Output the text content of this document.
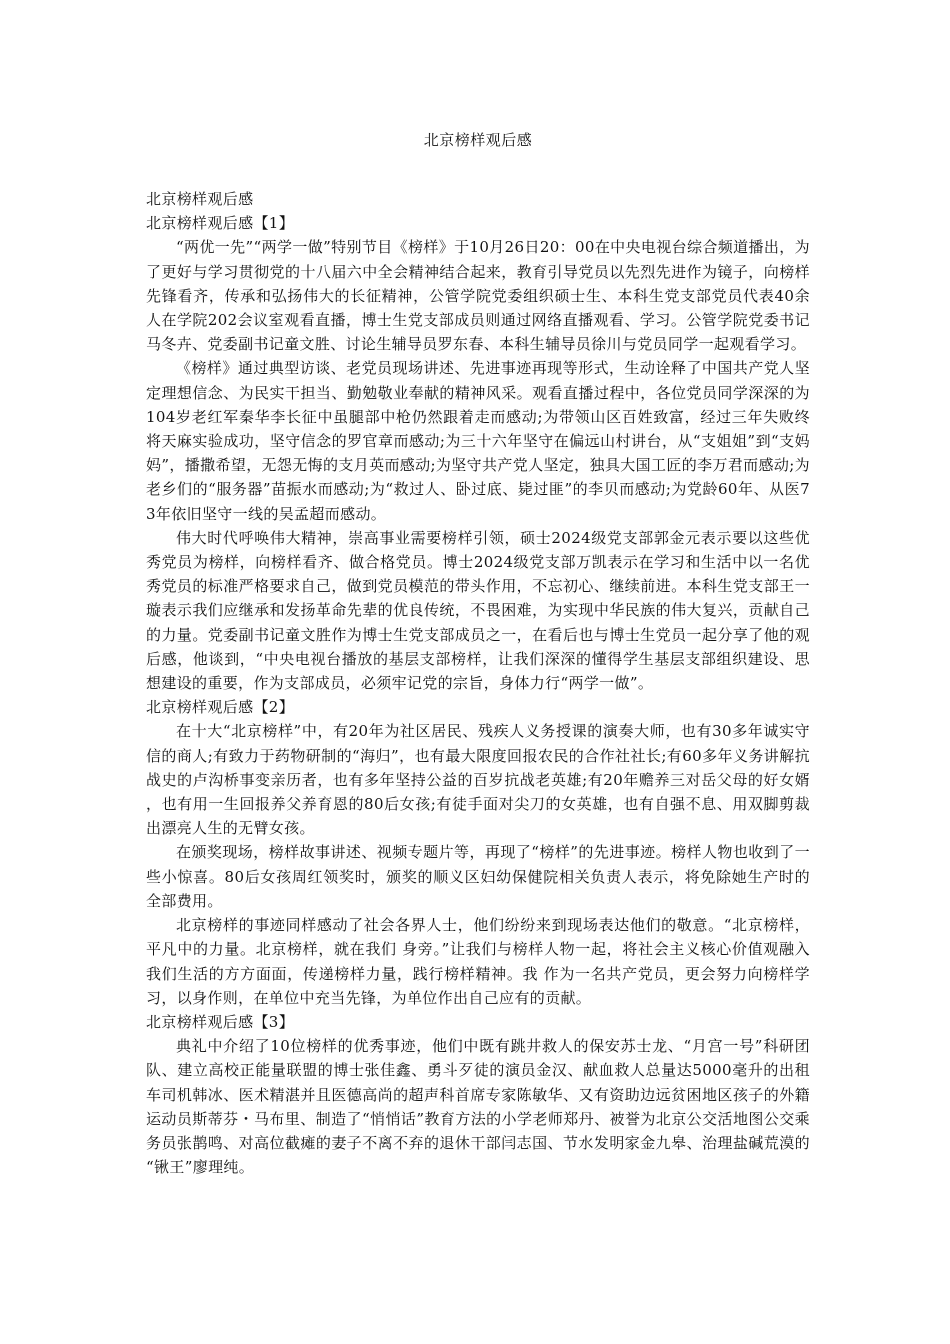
北京榜样观后感
北京榜样观后感
北京榜样观后感【1】

“两优一先”“两学一做”特别节目《榜样》于10月26日20：00在中央电视台综合频道播出，为了更好与学习贯彻党的十八届六中全会精神结合起来，教育引导党员以先烈先进作为镜子，向榜样先锋看齐，传承和弘扬伟大的长征精神，公管学院党委组织硕士生、本科生党支部党员代表40余人在学院202会议室观看直播，博士生党支部成员则通过网络直播观看、学习。公管学院党委书记马冬卉、党委副书记童文胜、讨论生辅导员罗东春、本科生辅导员徐川与党员同学一起观看学习。

《榜样》通过典型访谈、老党员现场讲述、先进事迹再现等形式，生动诠释了中国共产党人坚定理想信念、为民实干担当、勤勉敬业奉献的精神风采。观看直播过程中，各位党员同学深深的为104岁老红军秦华李长征中虽腿部中枪仍然跟着走而感动;为带领山区百姓致富，经过三年失败终将天麻实验成功，坚守信念的罗官章而感动;为三十六年坚守在偏远山村讲台，从“支姐姐”到“支妈妈”，播撒希望，无怨无悔的支月英而感动;为坚守共产党人坚定，独具大国工匠的李万君而感动;为老乡们的“服务器”苗振水而感动;为“救过人、卧过底、毙过匪”的李贝而感动;为党龄60年、从医73年依旧坚守一线的吴孟超而感动。

伟大时代呼唤伟大精神，崇高事业需要榜样引领，硕士2024级党支部郭金元表示要以这些优秀党员为榜样，向榜样看齐、做合格党员。博士2024级党支部万凯表示在学习和生活中以一名优秀党员的标准严格要求自己，做到党员模范的带头作用，不忘初心、继续前进。本科生党支部王一璇表示我们应继承和发扬革命先辈的优良传统，不畏困难，为实现中华民族的伟大复兴，贡献自己的力量。党委副书记童文胜作为博士生党支部成员之一，在看后也与博士生党员一起分享了他的观后感，他谈到，“中央电视台播放的基层支部榜样，让我们深深的懂得学生基层支部组织建设、思想建设的重要，作为支部成员，必须牢记党的宗旨，身体力行“两学一做”。

北京榜样观后感【2】

在十大“北京榜样”中，有20年为社区居民、残疾人义务授课的演奏大师，也有30多年诚实守信的商人;有致力于药物研制的“海归”，也有最大限度回报农民的合作社社长;有60多年义务讲解抗战史的卢沟桥事变亲历者，也有多年坚持公益的百岁抗战老英雄;有20年赡养三对岳父母的好女婿，也有用一生回报养父养育恩的80后女孩;有徒手面对尖刀的女英雄，也有自强不息、用双脚剪裁出漂亮人生的无臂女孩。

在颁奖现场，榜样故事讲述、视频专题片等，再现了“榜样”的先进事迹。榜样人物也收到了一些小惊喜。80后女孩周红领奖时，颁奖的顺义区妇幼保健院相关负责人表示，将免除她生产时的全部费用。

北京榜样的事迹同样感动了社会各界人士，他们纷纷来到现场表达他们的敬意。“北京榜样，平凡中的力量。北京榜样，就在我们 身旁。”让我们与榜样人物一起，将社会主义核心价值观融入我们生活的方方面面，传递榜样力量，践行榜样精神。我 作为一名共产党员，更会努力向榜样学习，以身作则，在单位中充当先锋，为单位作出自己应有的贡献。

北京榜样观后感【3】

典礼中介绍了10位榜样的优秀事迹，他们中既有跳井救人的保安苏士龙、“月宫一号”科研团队、建立高校正能量联盟的博士张佳鑫、勇斗歹徒的演员金汉、献血救人总量达5000毫升的出租车司机韩冰、医术精湛并且医德高尚的超声科首席专家陈敏华、又有资助边远贫困地区孩子的外籍运动员斯蒂芬・马布里、制造了“悄悄话”教育方法的小学老师郑丹、被誉为北京公交活地图公交乘务员张鹊鸣、对高位截瘫的妻子不离不弃的退休干部闫志国、节水发明家金九皋、治理盐碱荒漠的“锹王”廖理纯。
